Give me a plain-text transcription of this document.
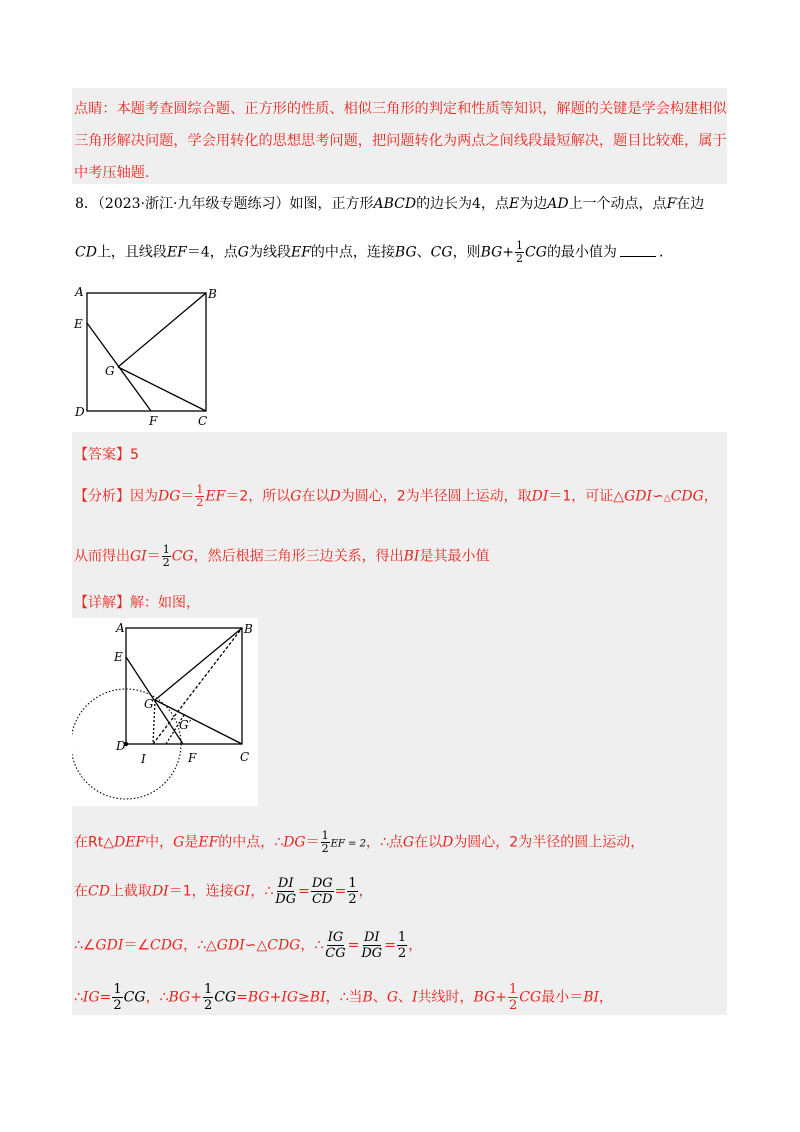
点睛：本题考查圆综合题、正方形的性质、相似三角形的判定和性质等知识，解题的关键是学会构建相似
三角形解决问题，学会用转化的思想思考问题，把问题转化为两点之间线段最短解决，题目比较难，属于
中考压轴题.
8．（2023·浙江·九年级专题练习）如图，正方形ABCD的边长为4，点E为边AD上一个动点，点F在边
CD上，且线段EF＝4，点G为线段EF的中点，连接BG、CG，则$BG+ \frac{1}{2}$ CG的最小值为	.
A	B
E
G
D
F	C
【答案】5
【分析】因为$DG= \frac{1}{2} EF=2$，所以G在以D为圆心，2为半径圆上运动，取DI＝1，可证△GDI∽△CDG，
从而得出$GI= \frac{1}{2}$ CG，然后根据三角形三边关系，得出BI是其最小值
【详解】解：如图，
A	B
E
G
G′
D
I	F	C
在Rt△DEF中，G是EF的中点，∴DG＝ $\frac{1}{2}$ EF = 2，∴点G在以D为圆心，2为半径的圆上运动，
在CD上截取DI＝1，连接GI，∴ $\frac{DI}{DG} = \frac{DG}{CD} = \frac{1}{2}$ ，
∴∠GDI＝∠CDG，∴△GDI∽△CDG，∴ $\frac{IG}{CG} = \frac{DI}{DG} = \frac{1}{2}$ ，
∴IG= $\frac{1}{2}$ CG，∴BG+ $\frac{1}{2} CG=BG+IG\ge BI$，∴当B、G、I共线时，$BG+ \frac{1}{2}$ CG最小＝BI，
